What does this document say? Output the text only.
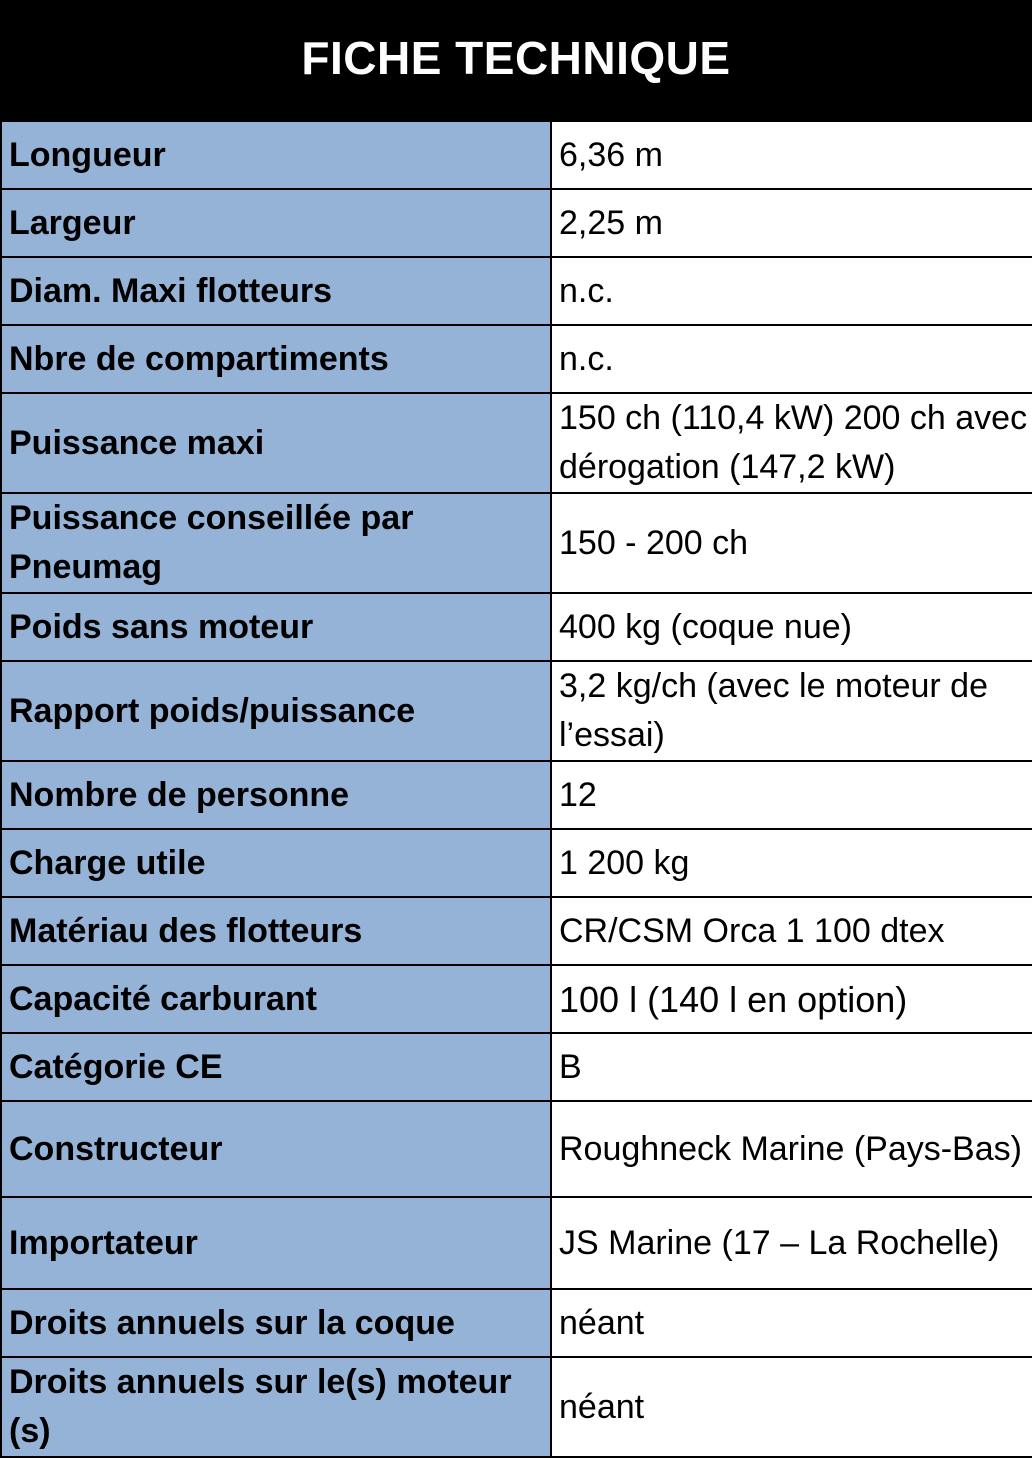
FICHE TECHNIQUE
Longueur	6,36 m
Largeur	2,25 m
Diam. Maxi flotteurs	n.c.
Nbre de compartiments	n.c.
Puissance maxi	150 ch (110,4 kW) 200 ch avec dérogation (147,2 kW)
Puissance conseillée par Pneumag	150 - 200 ch
Poids sans moteur	400 kg (coque nue)
Rapport poids/puissance	3,2 kg/ch (avec le moteur de l’essai)
Nombre de personne	12
Charge utile	1 200 kg
Matériau des flotteurs	CR/CSM Orca 1 100 dtex
Capacité carburant	100 l (140 l en option)
Catégorie CE	B
Constructeur	Roughneck Marine (Pays-Bas)
Importateur	JS Marine (17 – La Rochelle)
Droits annuels sur la coque	néant
Droits annuels sur le(s) moteur (s)	néant
